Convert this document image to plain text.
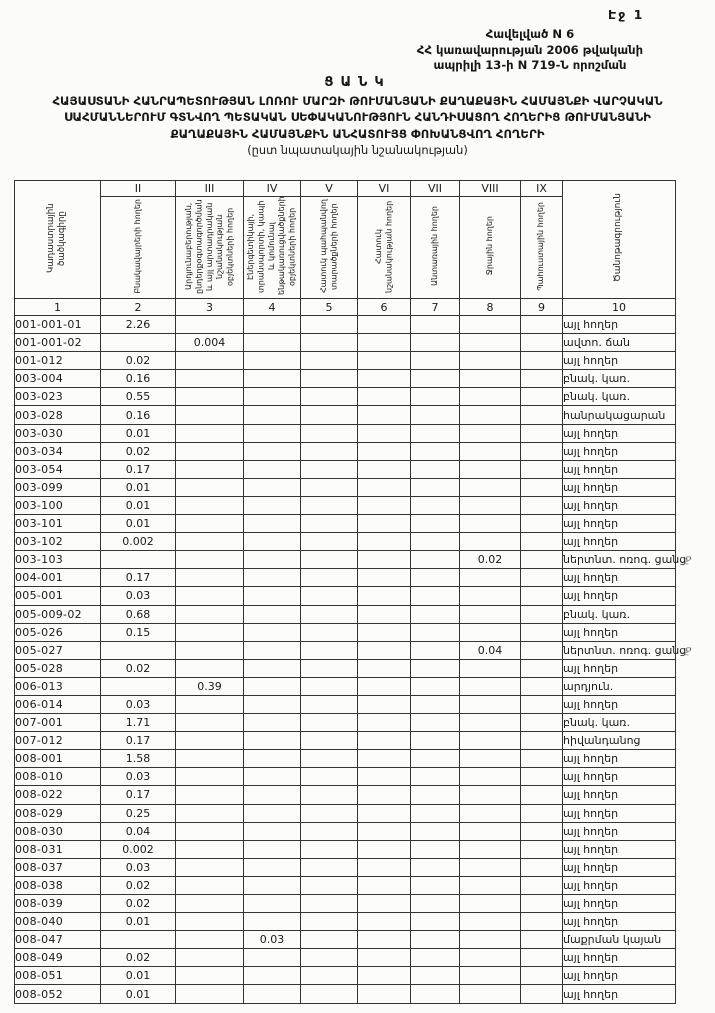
Էջ 1
Հավելված N 6
ՀՀ կառավարության 2006 թվականի
ապրիլի 13-ի N 719-Ն որոշման
ՑԱՆԿ
ՀԱՅԱՍՏԱՆԻ ՀԱՆՐԱՊԵՏՈՒԹՅԱՆ ԼՈՌՈՒ ՄԱՐԶԻ ԹՈՒՄԱՆՅԱՆԻ ՔԱՂԱՔԱՅԻՆ ՀԱՄԱՅՆՔԻ ՎԱՐՉԱԿԱՆ
ՍԱՀՄԱՆՆԵՐՈՒՄ ԳՏՆՎՈՂ ՊԵՏԱԿԱՆ ՍԵՓԱԿԱՆՈՒԹՅՈՒՆ ՀԱՆԴԻՍԱՑՈՂ ՀՈՂԵՐԻՑ ԹՈՒՄԱՆՅԱՆԻ
ՔԱՂԱՔԱՅԻՆ ՀԱՄԱՅՆՔԻՆ ԱՆՀԱՏՈՒՅՑ ՓՈԽԱՆՑՎՈՂ ՀՈՂԵՐԻ
(ըստ նպատակային նշանակության)
Կադաստրային ծածկագիրը	II	III	IV	V	VI	VII	VIII	IX	Ծանոթագրություն
	Բնակավայրերի հողեր	Արդյունաբերության, ընդերքօգտագործման և այլ արտադրական նշանակության օբյեկտների հողեր	Էներգետիկայի, տրանսպորտի, կապի և կոմունալ ենթակառուցվածքների օբյեկտների հողեր	Հատուկ պահպանվող տարածքների հողեր	Հատուկ նշանակության հողեր	Անտառային հողեր	Ջրային հողեր	Պահուստային հողեր	
1	2	3	4	5	6	7	8	9	10
001-001-01	2.26								այլ հողեր
001-001-02		0.004							ավտո. ճան
001-012	0.02								այլ հողեր
003-004	0.16								բնակ. կառ.
003-023	0.55								բնակ. կառ.
003-028	0.16								հանրակացարան
003-030	0.01								այլ հողեր
003-034	0.02								այլ հողեր
003-054	0.17								այլ հողեր
003-099	0.01								այլ հողեր
003-100	0.01								այլ հողեր
003-101	0.01								այլ հողեր
003-102	0.002								այլ հողեր
003-103							0.02		ներտնտ. ոռոգ. ցանց
ջ

004-001	0.17								այլ հողեր
005-001	0.03								այլ հողեր
005-009-02	0.68								բնակ. կառ.
005-026	0.15								այլ հողեր
005-027							0.04		ներտնտ. ոռոգ. ցանց
ջ

005-028	0.02								այլ հողեր
006-013		0.39							արդյուն.
006-014	0.03								այլ հողեր
007-001	1.71								բնակ. կառ.
007-012	0.17								հիվանդանոց
008-001	1.58								այլ հողեր
008-010	0.03								այլ հողեր
008-022	0.17								այլ հողեր
008-029	0.25								այլ հողեր
008-030	0.04								այլ հողեր
008-031	0.002								այլ հողեր
008-037	0.03								այլ հողեր
008-038	0.02								այլ հողեր
008-039	0.02								այլ հողեր
008-040	0.01								այլ հողեր
008-047			0.03						մաքրման կայան
008-049	0.02								այլ հողեր
008-051	0.01								այլ հողեր
008-052	0.01								այլ հողեր
